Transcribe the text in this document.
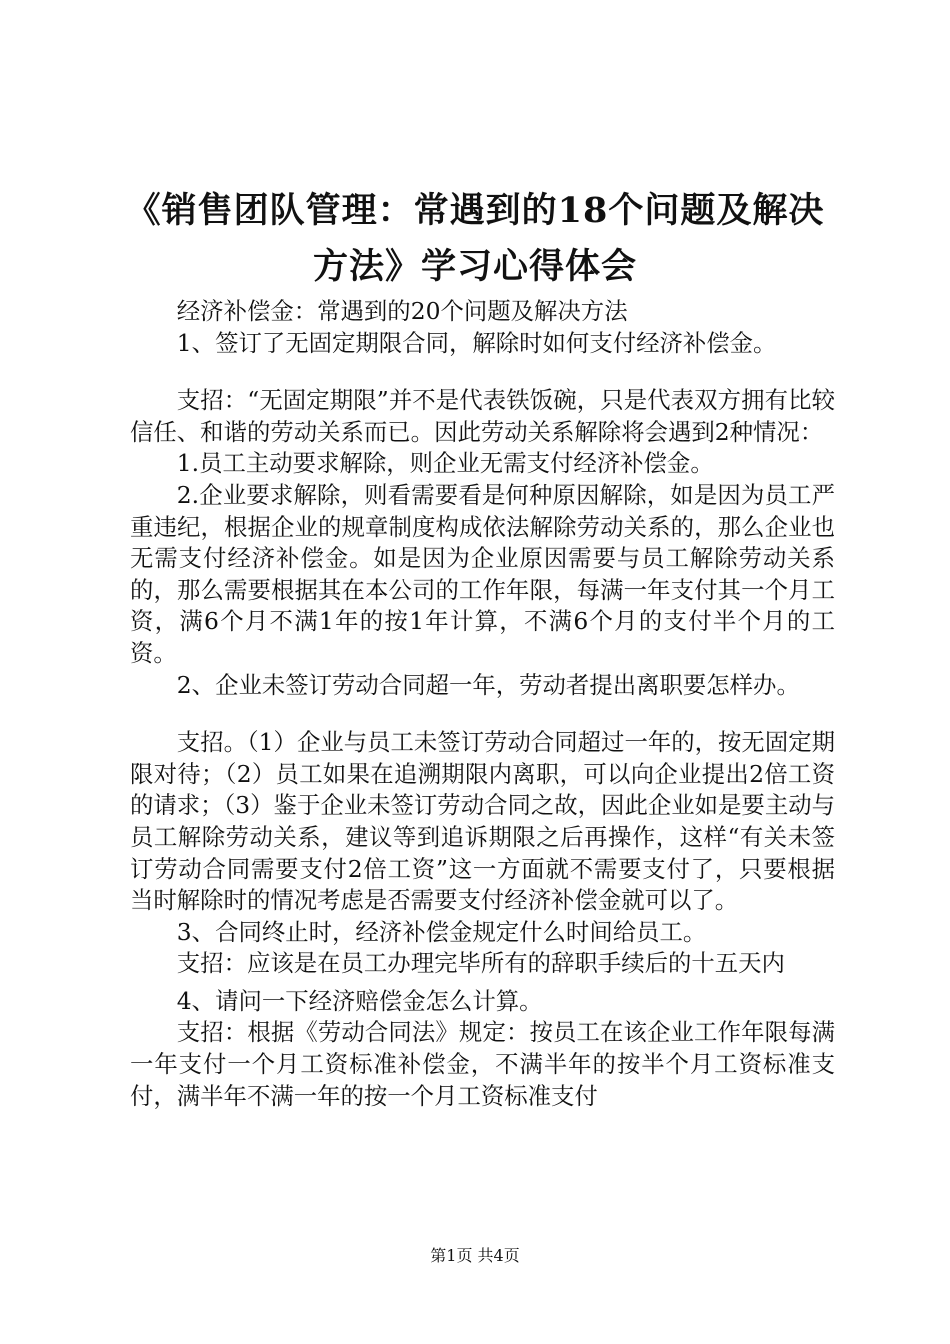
《销售团队管理：常遇到的18个问题及解决
方法》学习心得体会

经济补偿金：常遇到的20个问题及解决方法

1、签订了无固定期限合同，解除时如何支付经济补偿金。

支招：“无固定期限”并不是代表铁饭碗，只是代表双方拥有比较信任、和谐的劳动关系而已。因此劳动关系解除将会遇到2种情况：

1.员工主动要求解除，则企业无需支付经济补偿金。

2.企业要求解除，则看需要看是何种原因解除，如是因为员工严重违纪，根据企业的规章制度构成依法解除劳动关系的，那么企业也无需支付经济补偿金。如是因为企业原因需要与员工解除劳动关系的，那么需要根据其在本公司的工作年限，每满一年支付其一个月工资，满6个月不满1年的按1年计算，不满6个月的支付半个月的工资。

2、企业未签订劳动合同超一年，劳动者提出离职要怎样办。

支招。（1）企业与员工未签订劳动合同超过一年的，按无固定期限对待；（2）员工如果在追溯期限内离职，可以向企业提出2倍工资的请求；（3）鉴于企业未签订劳动合同之故，因此企业如是要主动与员工解除劳动关系，建议等到追诉期限之后再操作，这样“有关未签订劳动合同需要支付2倍工资”这一方面就不需要支付了，只要根据当时解除时的情况考虑是否需要支付经济补偿金就可以了。

3、合同终止时，经济补偿金规定什么时间给员工。

支招：应该是在员工办理完毕所有的辞职手续后的十五天内

4、请问一下经济赔偿金怎么计算。

支招：根据《劳动合同法》规定：按员工在该企业工作年限每满一年支付一个月工资标准补偿金，不满半年的按半个月工资标准支付，满半年不满一年的按一个月工资标准支付

第1页 共4页
